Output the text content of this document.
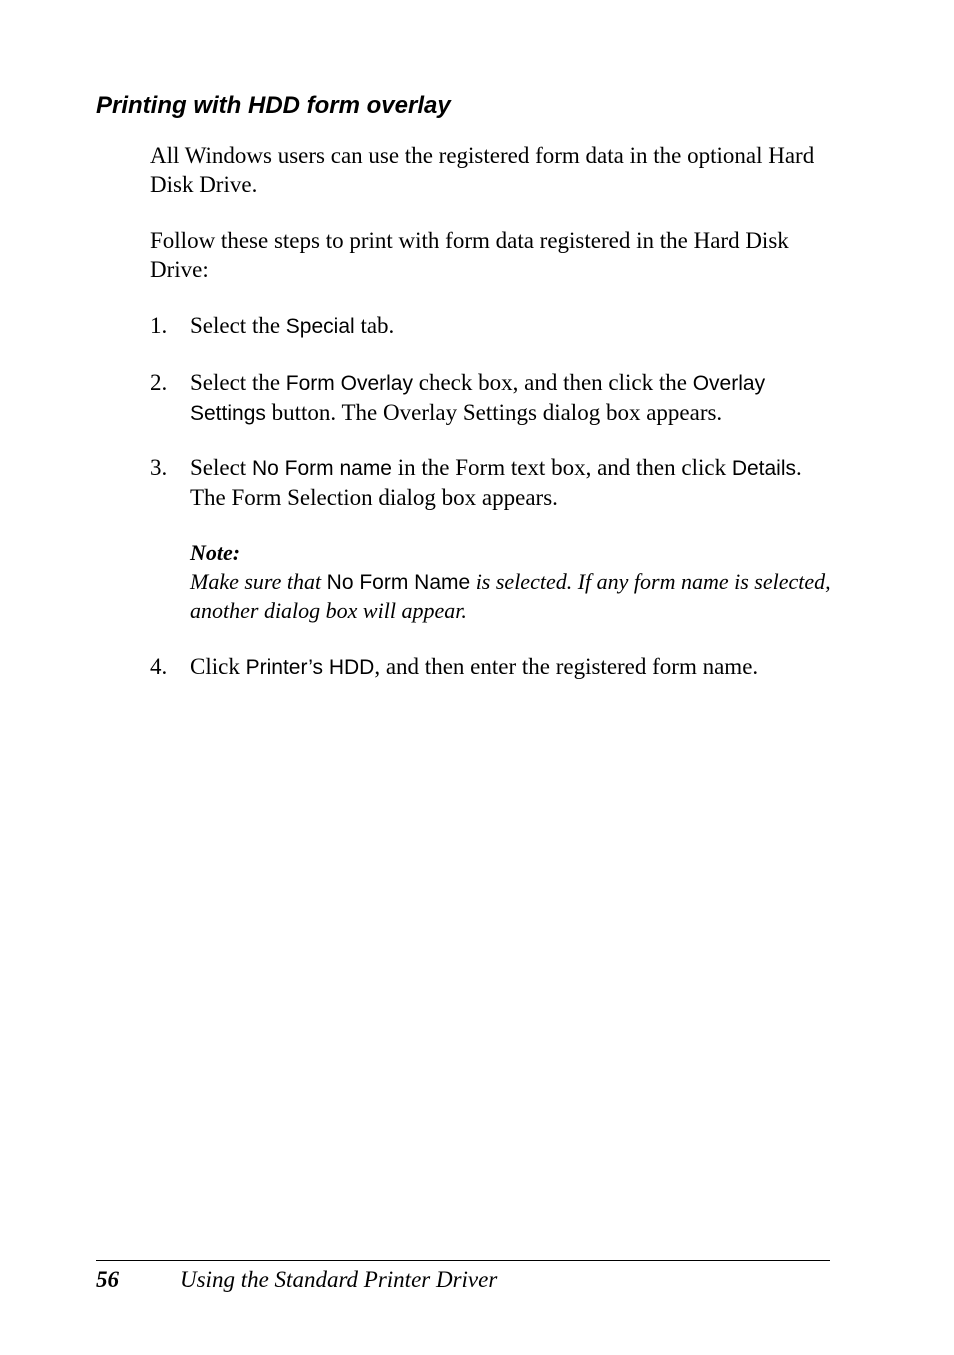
Printing with HDD form overlay

All Windows users can use the registered form data in the optional Hard Disk Drive.

Follow these steps to print with form data registered in the Hard Disk Drive:

1. Select the Special tab.
2. Select the Form Overlay check box, and then click the Overlay Settings button. The Overlay Settings dialog box appears.
3. Select No Form name in the Form text box, and then click Details. The Form Selection dialog box appears.
Note:
Make sure that No Form Name is selected. If any form name is selected, another dialog box will appear.
4. Click Printer’s HDD, and then enter the registered form name.
56	Using the Standard Printer Driver
